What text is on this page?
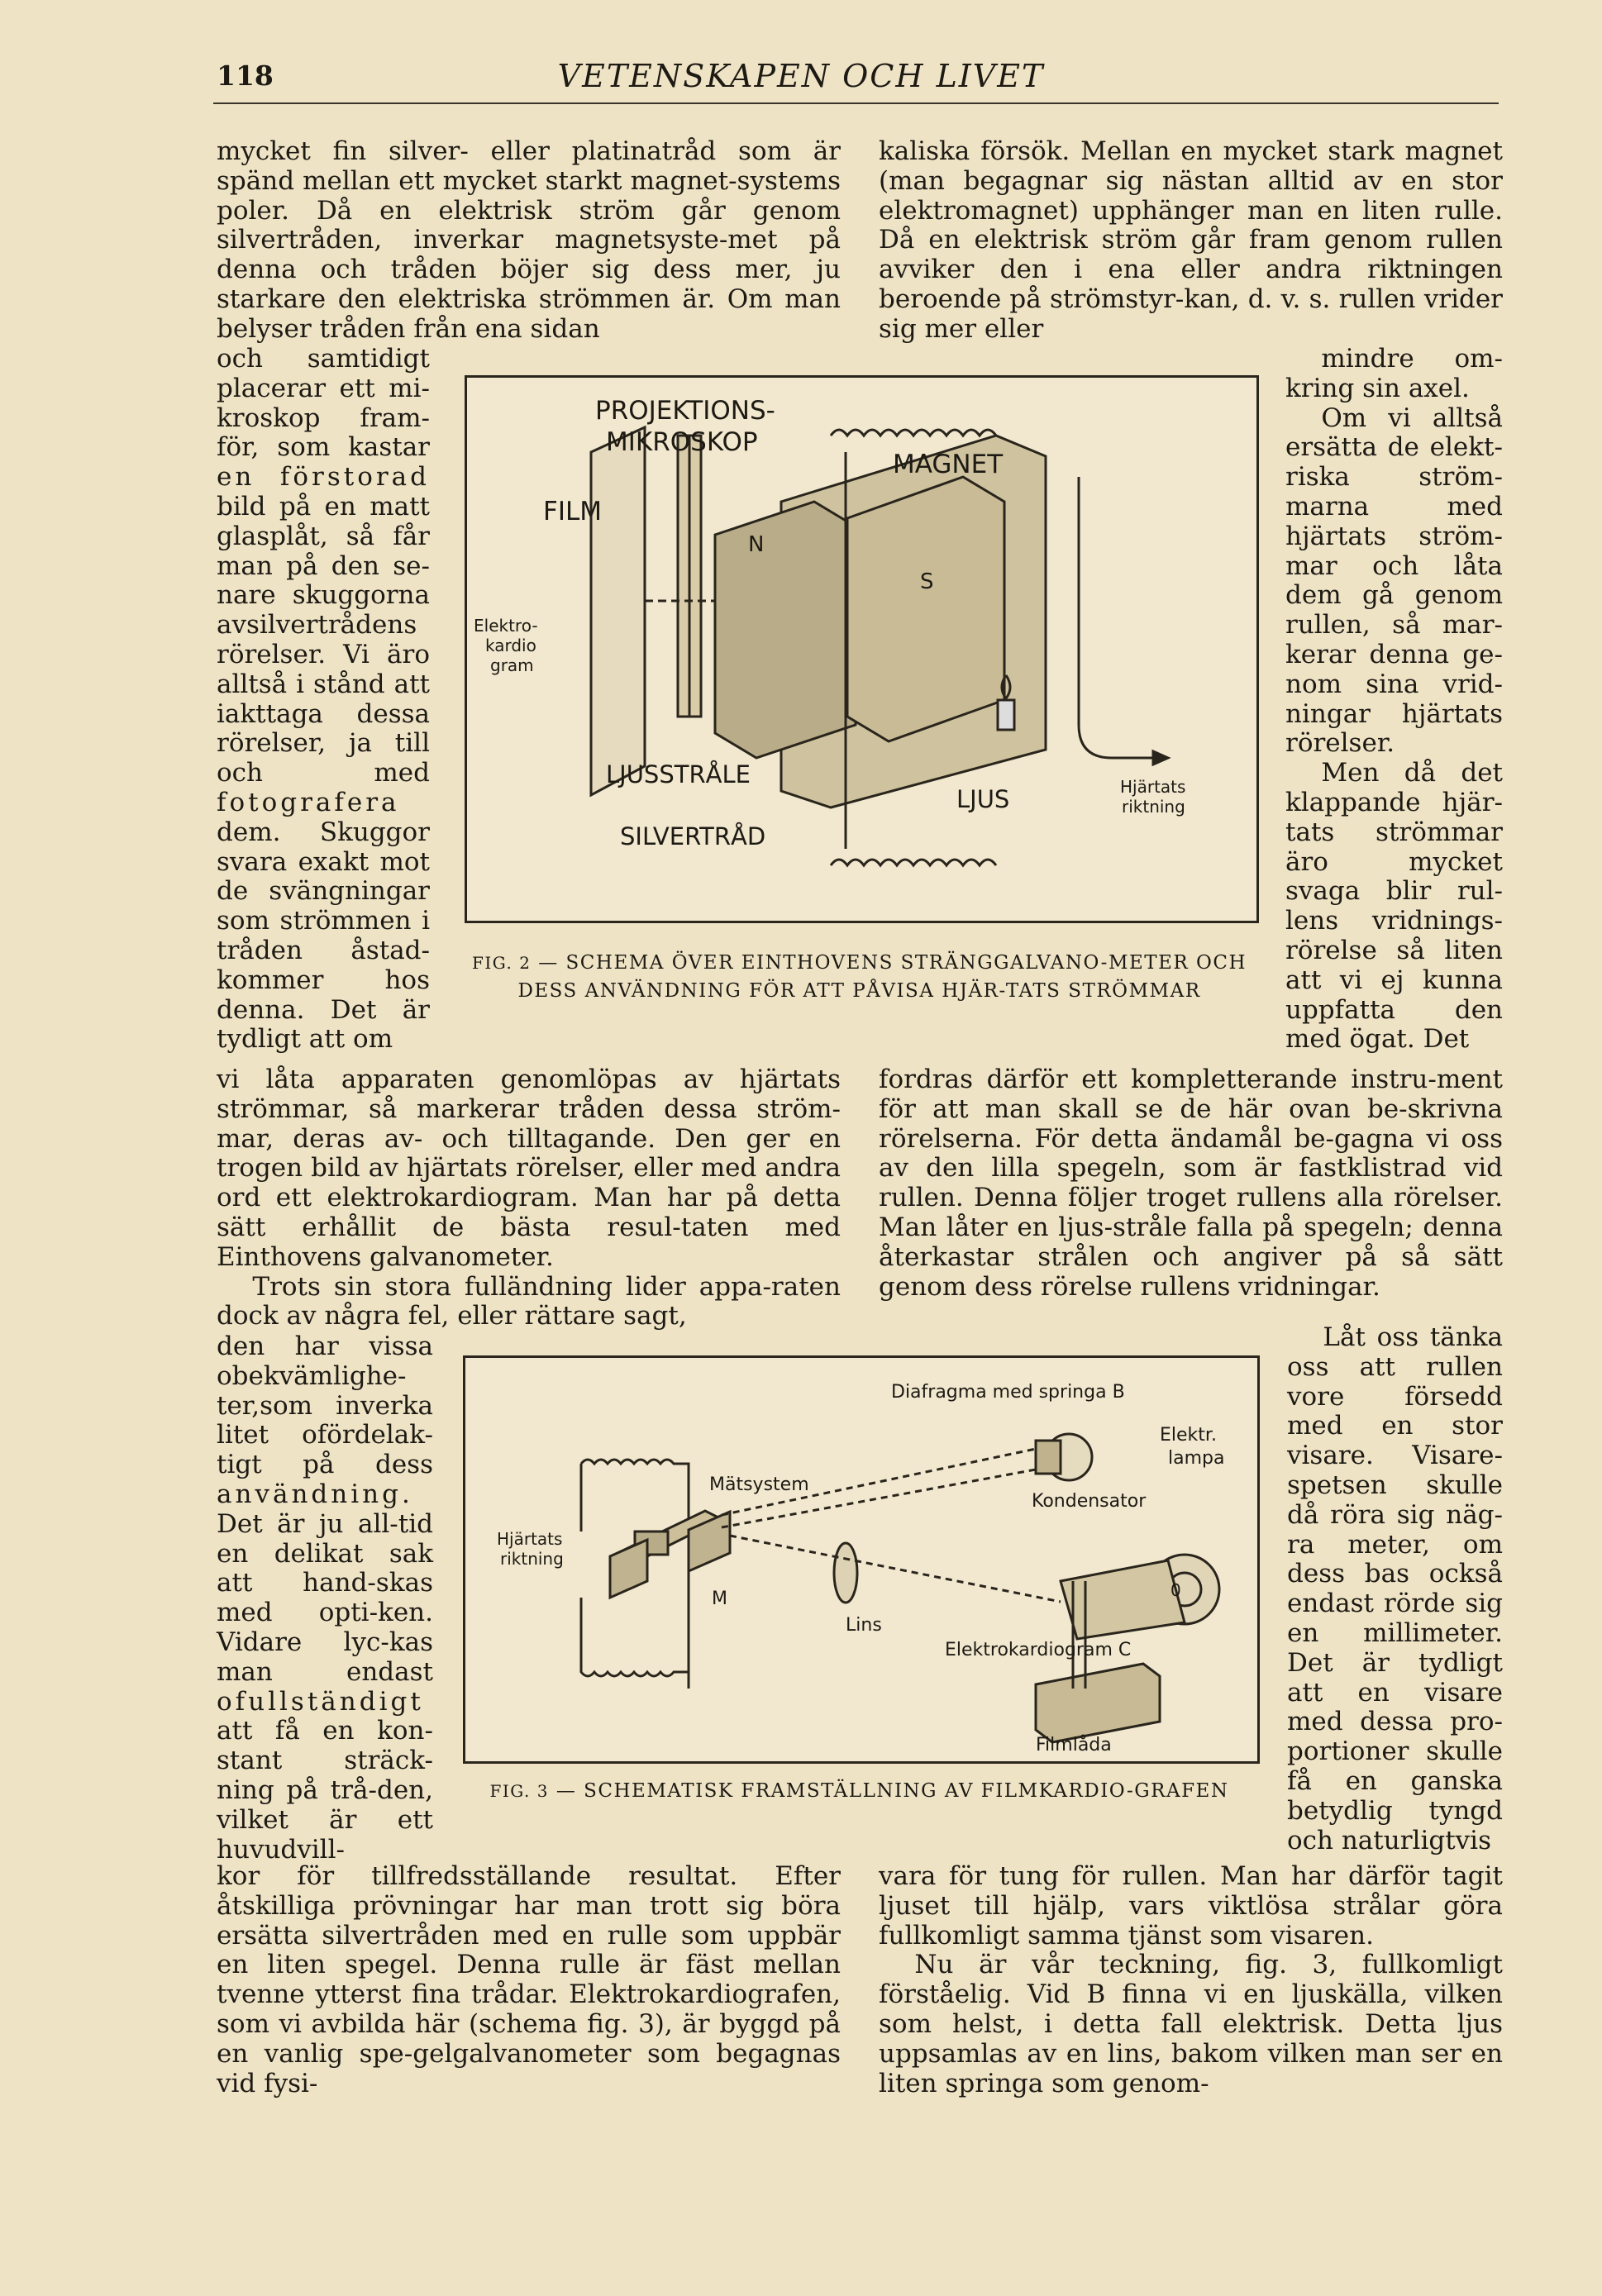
118	VETENSKAPEN OCH LIVET

mycket fin silver- eller platinatråd som är spänd mellan ett mycket starkt magnet-systems poler. Då en elektrisk ström går genom silvertråden, inverkar magnetsyste-met på denna och tråden böjer sig dess mer, ju starkare den elektriska strömmen är. Om man belyser tråden från ena sidan

och samtidigt placerar ett mi-kroskop fram-för, som kastar en förstorad bild på en matt glasplåt, så får man på den se-nare skuggorna avsilvertrådens rörelser. Vi äro alltså i stånd att iakttaga dessa rörelser, ja till och med fotografera dem. Skuggor svara exakt mot de svängningar som strömmen i tråden åstad-kommer hos denna. Det är tydligt att om

vi låta apparaten genomlöpas av hjärtats strömmar, så markerar tråden dessa ström-mar, deras av- och tilltagande. Den ger en trogen bild av hjärtats rörelser, eller med andra ord ett elektrokardiogram. Man har på detta sätt erhållit de bästa resul-taten med Einthovens galvanometer.

Trots sin stora fulländning lider appa-raten dock av några fel, eller rättare sagt,

den har vissa obekvämlighe-ter,som inverka litet ofördelak-tigt på dess användning. Det är ju all-tid en delikat sak att hand-skas med opti-ken. Vidare lyc-kas man endast ofullständigt att få en kon-stant sträck-ning på trå-den, vilket är ett huvudvill-

kor för tillfredsställande resultat. Efter åtskilliga prövningar har man trott sig böra ersätta silvertråden med en rulle som uppbär en liten spegel. Denna rulle är fäst mellan tvenne ytterst fina trådar. Elektrokardiografen, som vi avbilda här (schema fig. 3), är byggd på en vanlig spe-gelgalvanometer som begagnas vid fysi-

kaliska försök. Mellan en mycket stark magnet (man begagnar sig nästan alltid av en stor elektromagnet) upphänger man en liten rulle. Då en elektrisk ström går fram genom rullen avviker den i ena eller andra riktningen beroende på strömstyr-kan, d. v. s. rullen vrider sig mer eller

mindre om-kring sin axel.

Om vi alltså ersätta de elekt-riska ström-marna med hjärtats ström-mar och låta dem gå genom rullen, så mar-kerar denna ge-nom sina vrid-ningar hjärtats rörelser.

Men då det klappande hjär-tats strömmar äro mycket svaga blir rul-lens vridnings-rörelse så liten att vi ej kunna uppfatta den med ögat. Det

fordras därför ett kompletterande instru-ment för att man skall se de här ovan be-skrivna rörelserna. För detta ändamål be-gagna vi oss av den lilla spegeln, som är fastklistrad vid rullen. Denna följer troget rullens alla rörelser. Man låter en ljus-stråle falla på spegeln; denna återkastar strålen och angiver på så sätt genom dess rörelse rullens vridningar.

Låt oss tänka oss att rullen vore försedd med en stor visare. Visare-spetsen skulle då röra sig näg-ra meter, om dess bas också endast rörde sig en millimeter. Det är tydligt att en visare med dessa pro-portioner skulle få en ganska betydlig tyngd och naturligtvis

vara för tung för rullen. Man har därför tagit ljuset till hjälp, vars viktlösa strålar göra fullkomligt samma tjänst som visaren.

Nu är vår teckning, fig. 3, fullkomligt förståelig. Vid B finna vi en ljuskälla, vilken som helst, i detta fall elektrisk. Detta ljus uppsamlas av en lins, bakom vilken man ser en liten springa som genom-

PROJEKTIONS-
MIKROSKOP
MAGNET
FILM
N
S
Elektro-
kardio
gram
LJUSSTRÅLE
SILVERTRÅD
LJUS	Hjärtats
riktning
FIG. 2 — SCHEMA ÖVER EINTHOVENS STRÄNGGALVANO-METER OCH DESS ANVÄNDNING FÖR ATT PÅVISA HJÄR-TATS STRÖMMAR
Diafragma med springa B
Elektr.
lampa
Mätsystem
Kondensator
Hjärtats
riktning
M
Lins
0
Elektrokardiogram C
Filmlåda
FIG. 3 — SCHEMATISK FRAMSTÄLLNING AV FILMKARDIO-GRAFEN
